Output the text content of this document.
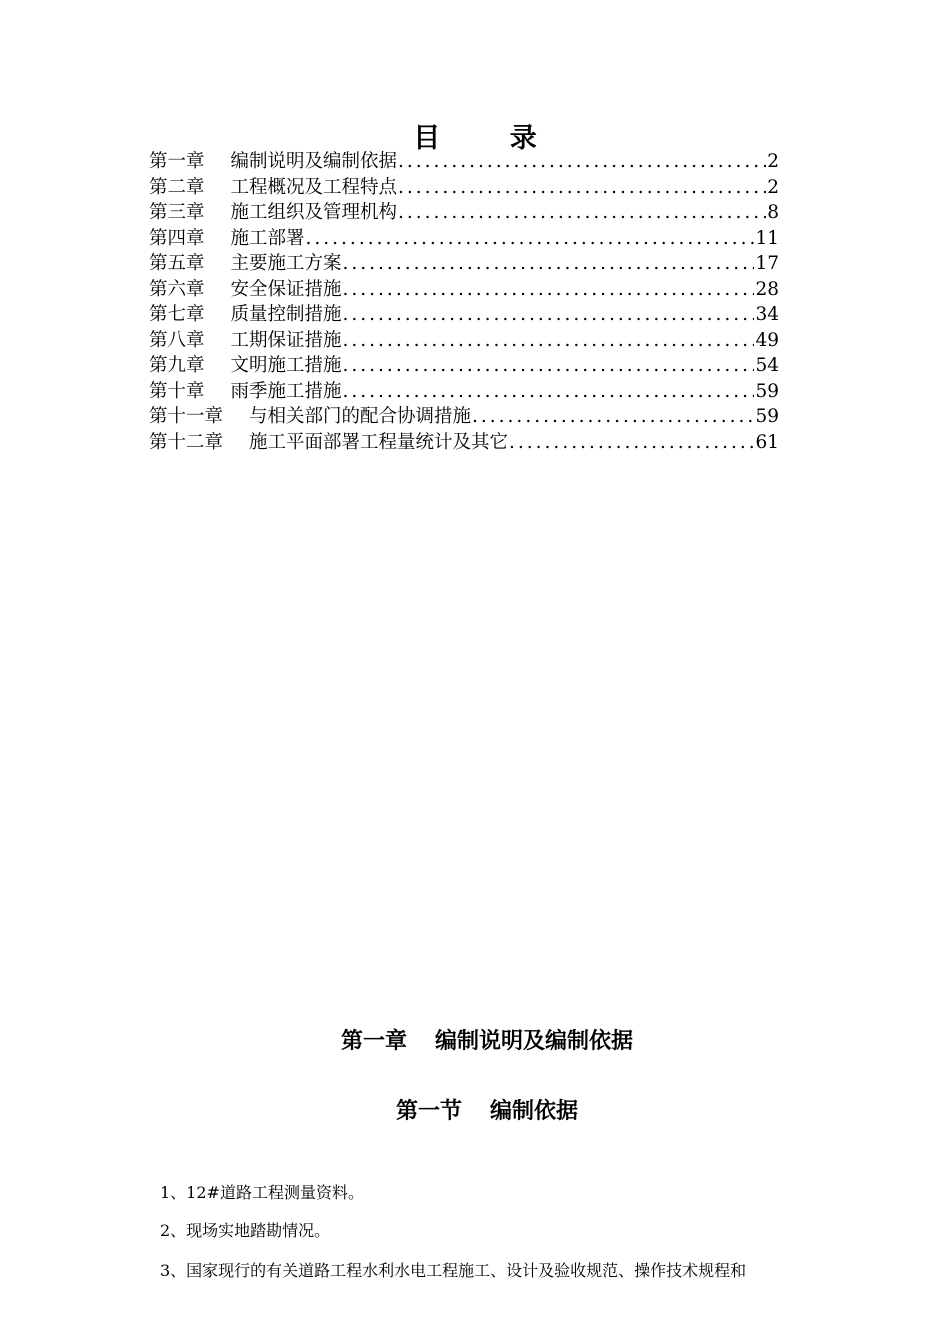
目 录
第一章 编制说明及编制依据 .....	2
第二章 工程概况及工程特点 .....	2
第三章 施工组织及管理机构 .....	8
第四章 施工部署 .....	11
第五章 主要施工方案 .....	17
第六章 安全保证措施 .....	28
第七章 质量控制措施 .....	34
第八章 工期保证措施 .....	49
第九章 文明施工措施 .....	54
第十章 雨季施工措施 .....	59
第十一章 与相关部门的配合协调措施 .....	59
第十二章 施工平面部署工程量统计及其它 .....	61
第一章 编制说明及编制依据
第一节 编制依据
1、12#道路工程测量资料。
2、现场实地踏勘情况。
3、国家现行的有关道路工程水利水电工程施工、设计及验收规范、操作技术规程和
